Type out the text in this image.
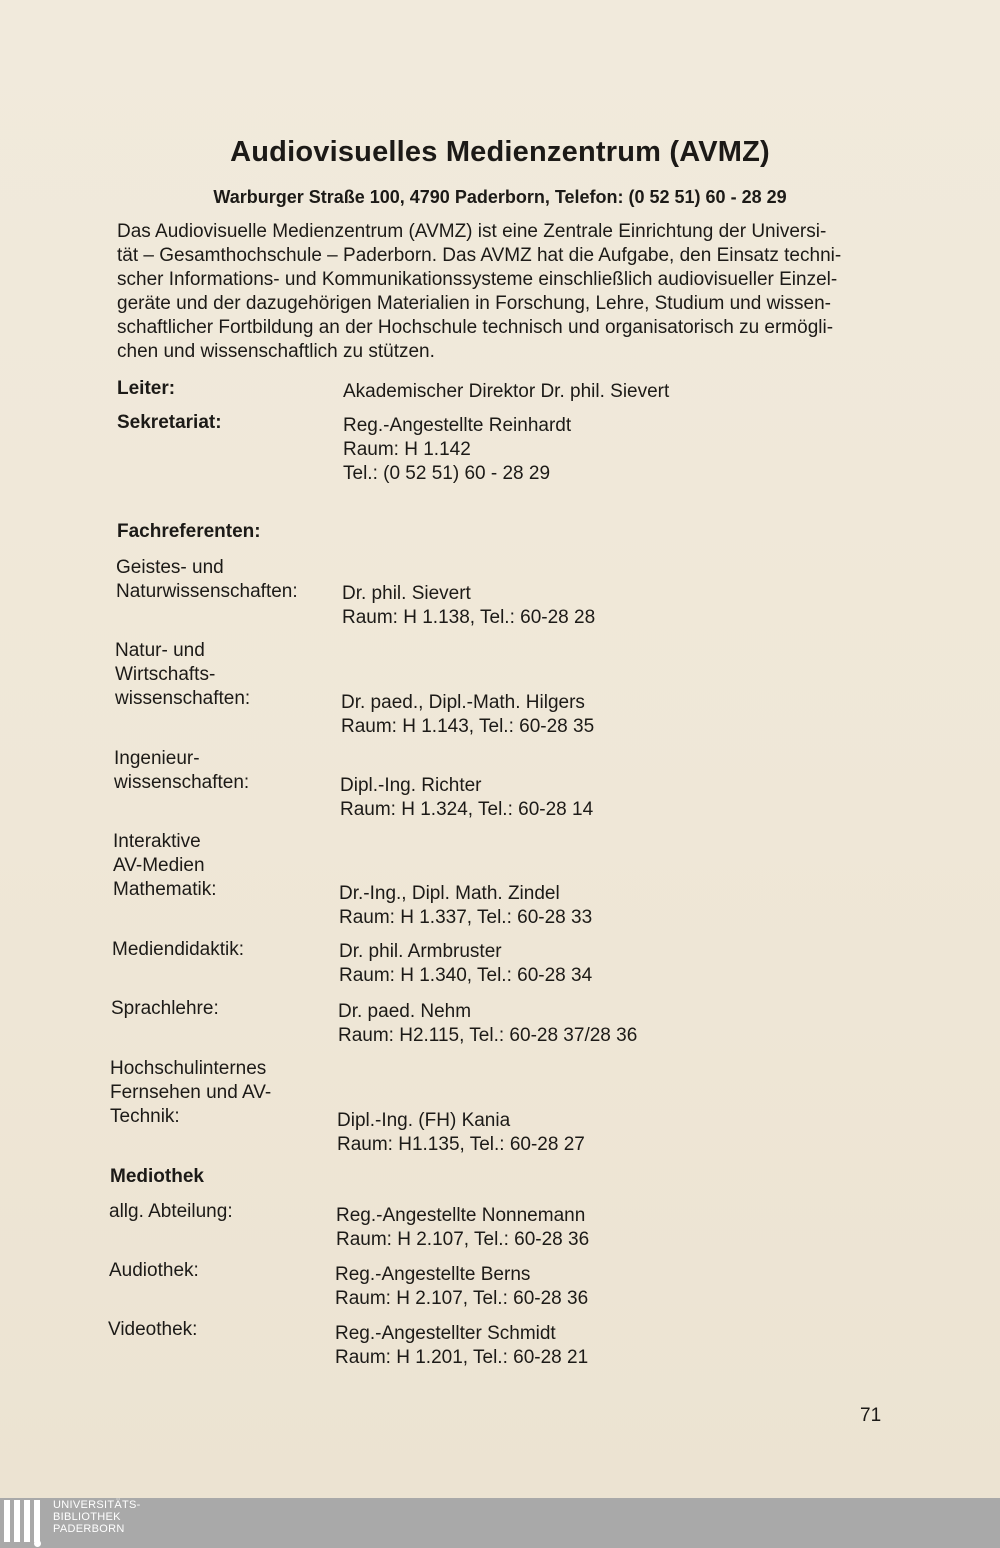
Audiovisuelles Medienzentrum (AVMZ)
Warburger Straße 100, 4790 Paderborn, Telefon: (0 52 51) 60 - 28 29
Das Audiovisuelle Medienzentrum (AVMZ) ist eine Zentrale Einrichtung der Universi-
tät – Gesamthochschule – Paderborn. Das AVMZ hat die Aufgabe, den Einsatz techni-
scher Informations- und Kommunikationssysteme einschließlich audiovisueller Einzel-
geräte und der dazugehörigen Materialien in Forschung, Lehre, Studium und wissen-
schaftlicher Fortbildung an der Hochschule technisch und organisatorisch zu ermögli-
chen und wissenschaftlich zu stützen.
Leiter:	Akademischer Direktor Dr. phil. Sievert
Sekretariat:	Reg.-Angestellte Reinhardt
Raum: H 1.142
Tel.: (0 52 51) 60 - 28 29
Fachreferenten:
Geistes- und
Naturwissenschaften: Dr. phil. Sievert
Raum: H 1.138, Tel.: 60-28 28
Natur- und
Wirtschafts-
wissenschaften:	Dr. paed., Dipl.-Math. Hilgers
Raum: H 1.143, Tel.: 60-28 35
Ingenieur-
wissenschaften:	Dipl.-Ing. Richter
Raum: H 1.324, Tel.: 60-28 14
Interaktive
AV-Medien
Mathematik:	Dr.-Ing., Dipl. Math. Zindel
Raum: H 1.337, Tel.: 60-28 33
Mediendidaktik:	Dr. phil. Armbruster
Raum: H 1.340, Tel.: 60-28 34
Sprachlehre:	Dr. paed. Nehm
Raum: H2.115, Tel.: 60-28 37/28 36
Hochschulinternes
Fernsehen und AV-
Technik:	Dipl.-Ing. (FH) Kania
Raum: H1.135, Tel.: 60-28 27
Mediothek
allg. Abteilung:	Reg.-Angestellte Nonnemann
Raum: H 2.107, Tel.: 60-28 36
Audiothek:	Reg.-Angestellte Berns
Raum: H 2.107, Tel.: 60-28 36
Videothek:	Reg.-Angestellter Schmidt
Raum: H 1.201, Tel.: 60-28 21
71
UNIVERSITÄTS-
BIBLIOTHEK
PADERBORN
